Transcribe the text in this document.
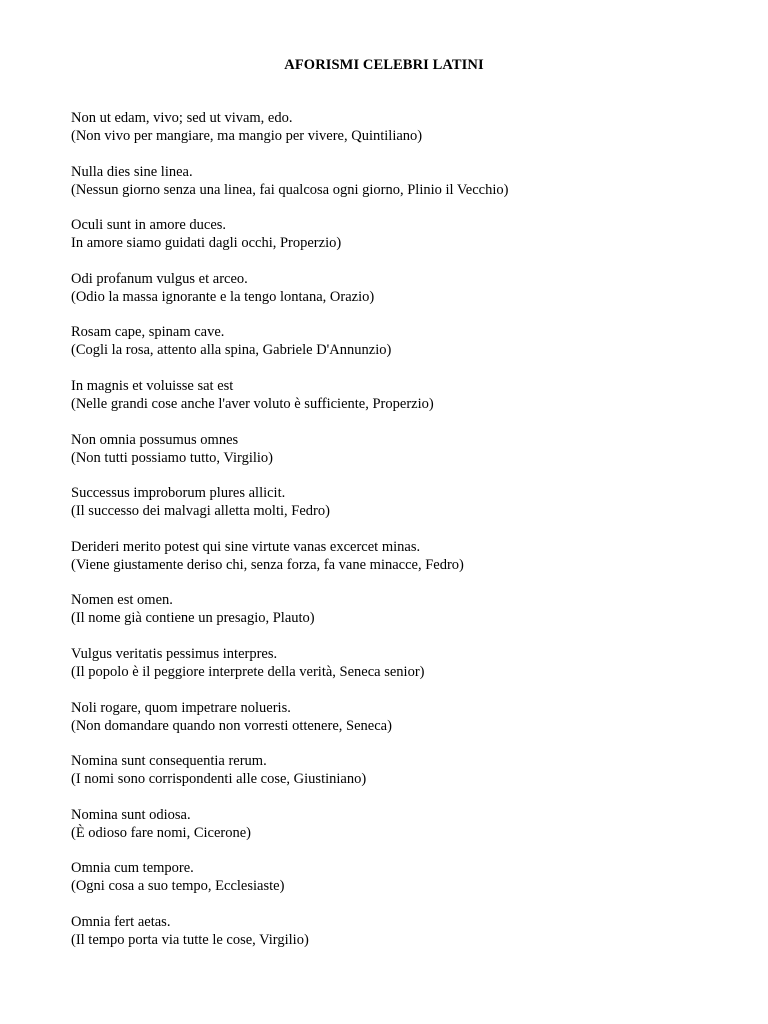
AFORISMI CELEBRI LATINI
Non ut edam, vivo; sed ut vivam, edo.
(Non vivo per mangiare, ma mangio per vivere, Quintiliano)
Nulla dies sine linea.
(Nessun giorno senza una linea, fai qualcosa ogni giorno, Plinio il Vecchio)
Oculi sunt in amore duces.
In amore siamo guidati dagli occhi, Properzio)
Odi profanum vulgus et arceo.
(Odio la massa ignorante e la tengo lontana, Orazio)
Rosam cape, spinam cave.
(Cogli la rosa, attento alla spina, Gabriele D'Annunzio)
In magnis et voluisse sat est
(Nelle grandi cose anche l'aver voluto è sufficiente, Properzio)
Non omnia possumus omnes
(Non tutti possiamo tutto, Virgilio)
Successus improborum plures allicit.
(Il successo dei malvagi alletta molti, Fedro)
Derideri merito potest qui sine virtute vanas excercet minas.
(Viene giustamente deriso chi, senza forza, fa vane minacce, Fedro)
Nomen est omen.
(Il nome già contiene un presagio, Plauto)
Vulgus veritatis pessimus interpres.
(Il popolo è il peggiore interprete della verità, Seneca senior)
Noli rogare, quom impetrare nolueris.
(Non domandare quando non vorresti ottenere, Seneca)
Nomina sunt consequentia rerum.
(I nomi sono corrispondenti alle cose, Giustiniano)
Nomina sunt odiosa.
(È odioso fare nomi, Cicerone)
Omnia cum tempore.
(Ogni cosa a suo tempo, Ecclesiaste)
Omnia fert aetas.
(Il tempo porta via tutte le cose, Virgilio)
